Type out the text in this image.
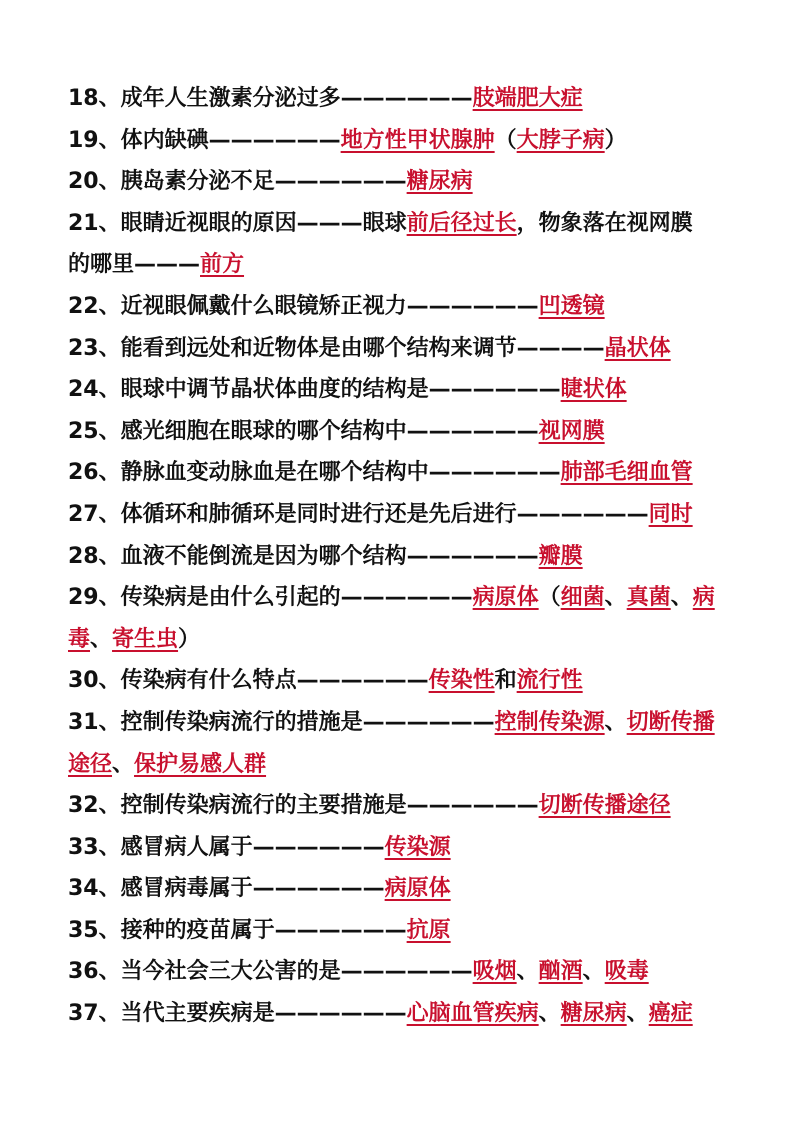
18、成年人生激素分泌过多——————肢端肥大症
19、体内缺碘——————地方性甲状腺肿（大脖子病）
20、胰岛素分泌不足——————糖尿病
21、眼睛近视眼的原因———眼球前后径过长，物象落在视网膜
的哪里———前方
22、近视眼佩戴什么眼镜矫正视力——————凹透镜
23、能看到远处和近物体是由哪个结构来调节————晶状体
24、眼球中调节晶状体曲度的结构是——————睫状体
25、感光细胞在眼球的哪个结构中——————视网膜
26、静脉血变动脉血是在哪个结构中——————肺部毛细血管
27、体循环和肺循环是同时进行还是先后进行——————同时
28、血液不能倒流是因为哪个结构——————瓣膜
29、传染病是由什么引起的——————病原体（细菌、真菌、病
毒、寄生虫）
30、传染病有什么特点——————传染性和流行性
31、控制传染病流行的措施是——————控制传染源、切断传播
途径、保护易感人群
32、控制传染病流行的主要措施是——————切断传播途径
33、感冒病人属于——————传染源
34、感冒病毒属于——————病原体
35、接种的疫苗属于——————抗原
36、当今社会三大公害的是——————吸烟、酗酒、吸毒
37、当代主要疾病是——————心脑血管疾病、糖尿病、癌症
